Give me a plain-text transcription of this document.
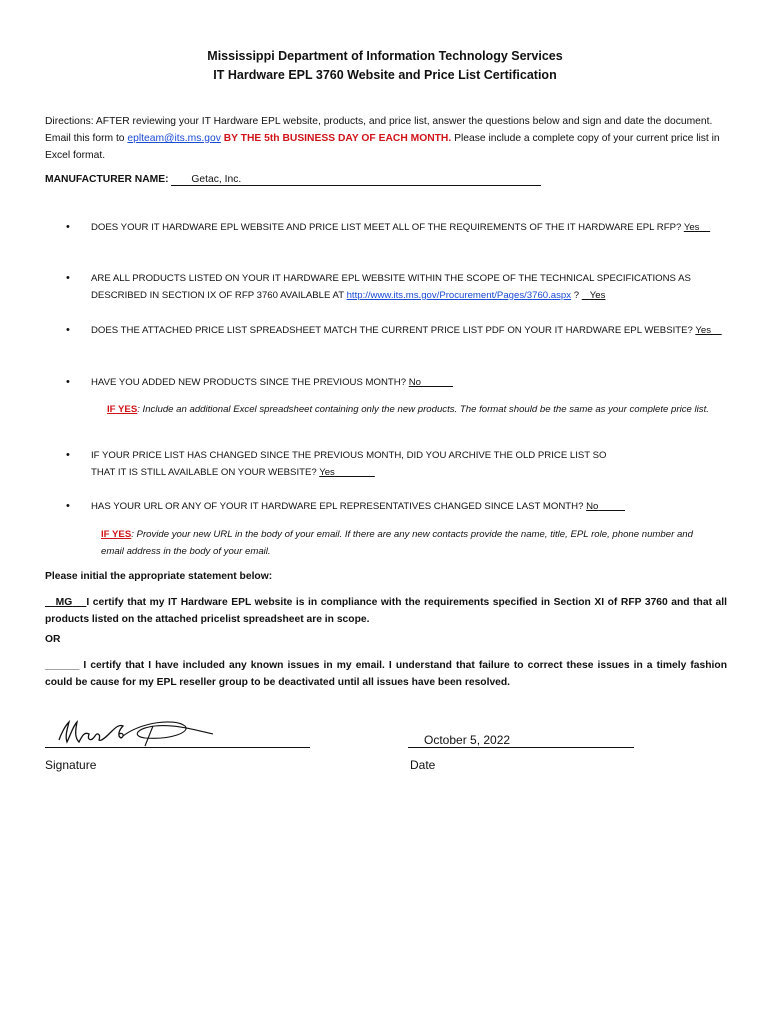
Mississippi Department of Information Technology Services
IT Hardware EPL 3760 Website and Price List Certification
Directions: AFTER reviewing your IT Hardware EPL website, products, and price list, answer the questions below and sign and date the document. Email this form to eplteam@its.ms.gov BY THE 5th BUSINESS DAY OF EACH MONTH. Please include a complete copy of your current price list in Excel format.
MANUFACTURER NAME: Getac, Inc.
• DOES YOUR IT HARDWARE EPL WEBSITE AND PRICE LIST MEET ALL OF THE REQUIREMENTS OF THE IT HARDWARE EPL RFP? Yes
• ARE ALL PRODUCTS LISTED ON YOUR IT HARDWARE EPL WEBSITE WITHIN THE SCOPE OF THE TECHNICAL SPECIFICATIONS AS DESCRIBED IN SECTION IX OF RFP 3760 AVAILABLE AT http://www.its.ms.gov/Procurement/Pages/3760.aspx ?    Yes
• DOES THE ATTACHED PRICE LIST SPREADSHEET MATCH THE CURRENT PRICE LIST PDF ON YOUR IT HARDWARE EPL WEBSITE? Yes
• HAVE YOU ADDED NEW PRODUCTS SINCE THE PREVIOUS MONTH? No
IF YES: Include an additional Excel spreadsheet containing only the new products. The format should be the same as your complete price list.
• IF YOUR PRICE LIST HAS CHANGED SINCE THE PREVIOUS MONTH, DID YOU ARCHIVE THE OLD PRICE LIST SO THAT IT IS STILL AVAILABLE ON YOUR WEBSITE? Yes
• HAS YOUR URL OR ANY OF YOUR IT HARDWARE EPL REPRESENTATIVES CHANGED SINCE LAST MONTH? No
IF YES: Provide your new URL in the body of your email. If there are any new contacts provide the name, title, EPL role, phone number and email address in the body of your email.
Please initial the appropriate statement below:
MG I certify that my IT Hardware EPL website is in compliance with the requirements specified in Section XI of RFP 3760 and that all products listed on the attached pricelist spreadsheet are in scope.
OR
______ I certify that I have included any known issues in my email. I understand that failure to correct these issues in a timely fashion could be cause for my EPL reseller group to be deactivated until all issues have been resolved.
October 5, 2022
Signature	Date
